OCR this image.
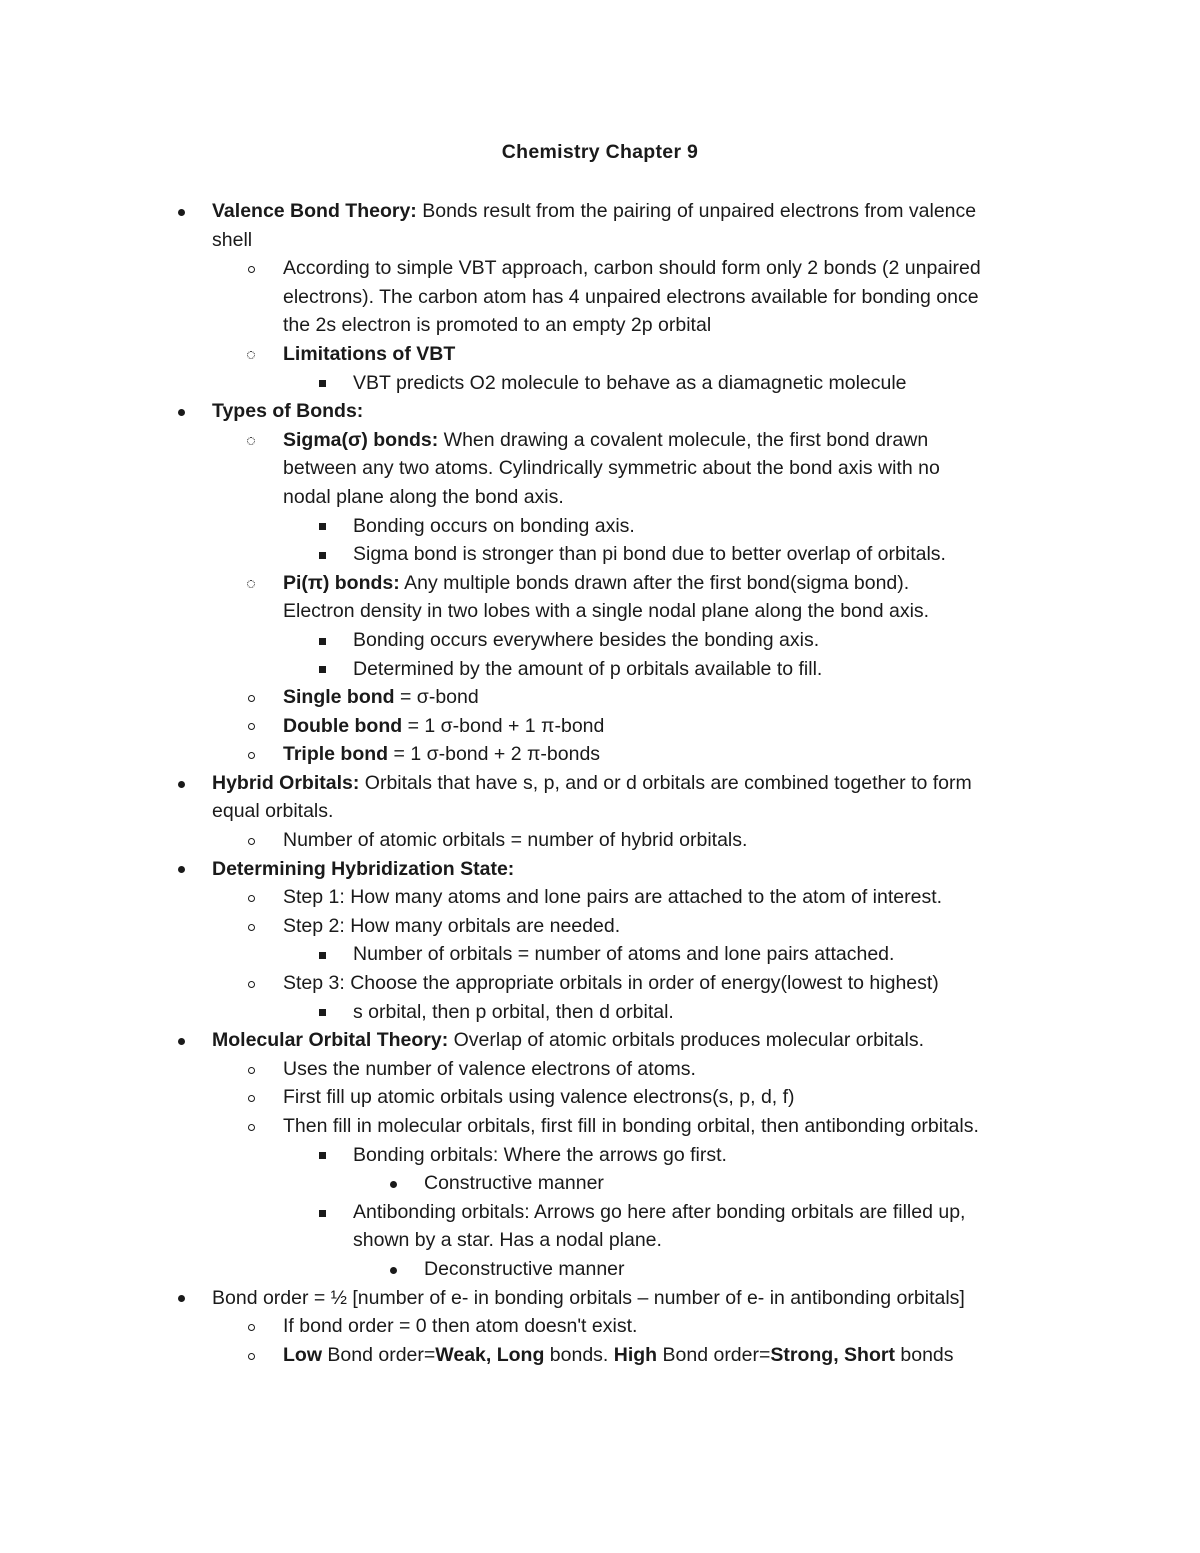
Chemistry Chapter 9
Valence Bond Theory: Bonds result from the pairing of unpaired electrons from valence
shell
According to simple VBT approach, carbon should form only 2 bonds (2 unpaired
electrons). The carbon atom has 4 unpaired electrons available for bonding once
the 2s electron is promoted to an empty 2p orbital
Limitations of VBT
VBT predicts O2 molecule to behave as a diamagnetic molecule
Types of Bonds:
Sigma(σ) bonds: When drawing a covalent molecule, the first bond drawn
between any two atoms. Cylindrically symmetric about the bond axis with no
nodal plane along the bond axis.
Bonding occurs on bonding axis.
Sigma bond is stronger than pi bond due to better overlap of orbitals.
Pi(π) bonds: Any multiple bonds drawn after the first bond(sigma bond).
Electron density in two lobes with a single nodal plane along the bond axis.
Bonding occurs everywhere besides the bonding axis.
Determined by the amount of p orbitals available to fill.
Single bond = σ-bond
Double bond = 1 σ-bond + 1 π-bond
Triple bond = 1 σ-bond + 2 π-bonds
Hybrid Orbitals: Orbitals that have s, p, and or d orbitals are combined together to form
equal orbitals.
Number of atomic orbitals = number of hybrid orbitals.
Determining Hybridization State:
Step 1: How many atoms and lone pairs are attached to the atom of interest.
Step 2: How many orbitals are needed.
Number of orbitals = number of atoms and lone pairs attached.
Step 3: Choose the appropriate orbitals in order of energy(lowest to highest)
s orbital, then p orbital, then d orbital.
Molecular Orbital Theory: Overlap of atomic orbitals produces molecular orbitals.
Uses the number of valence electrons of atoms.
First fill up atomic orbitals using valence electrons(s, p, d, f)
Then fill in molecular orbitals, first fill in bonding orbital, then antibonding orbitals.
Bonding orbitals: Where the arrows go first.
Constructive manner
Antibonding orbitals: Arrows go here after bonding orbitals are filled up,
shown by a star. Has a nodal plane.
Deconstructive manner
Bond order = ½ [number of e- in bonding orbitals – number of e- in antibonding orbitals]
If bond order = 0 then atom doesn't exist.
Low Bond order=Weak, Long bonds. High Bond order=Strong, Short bonds
